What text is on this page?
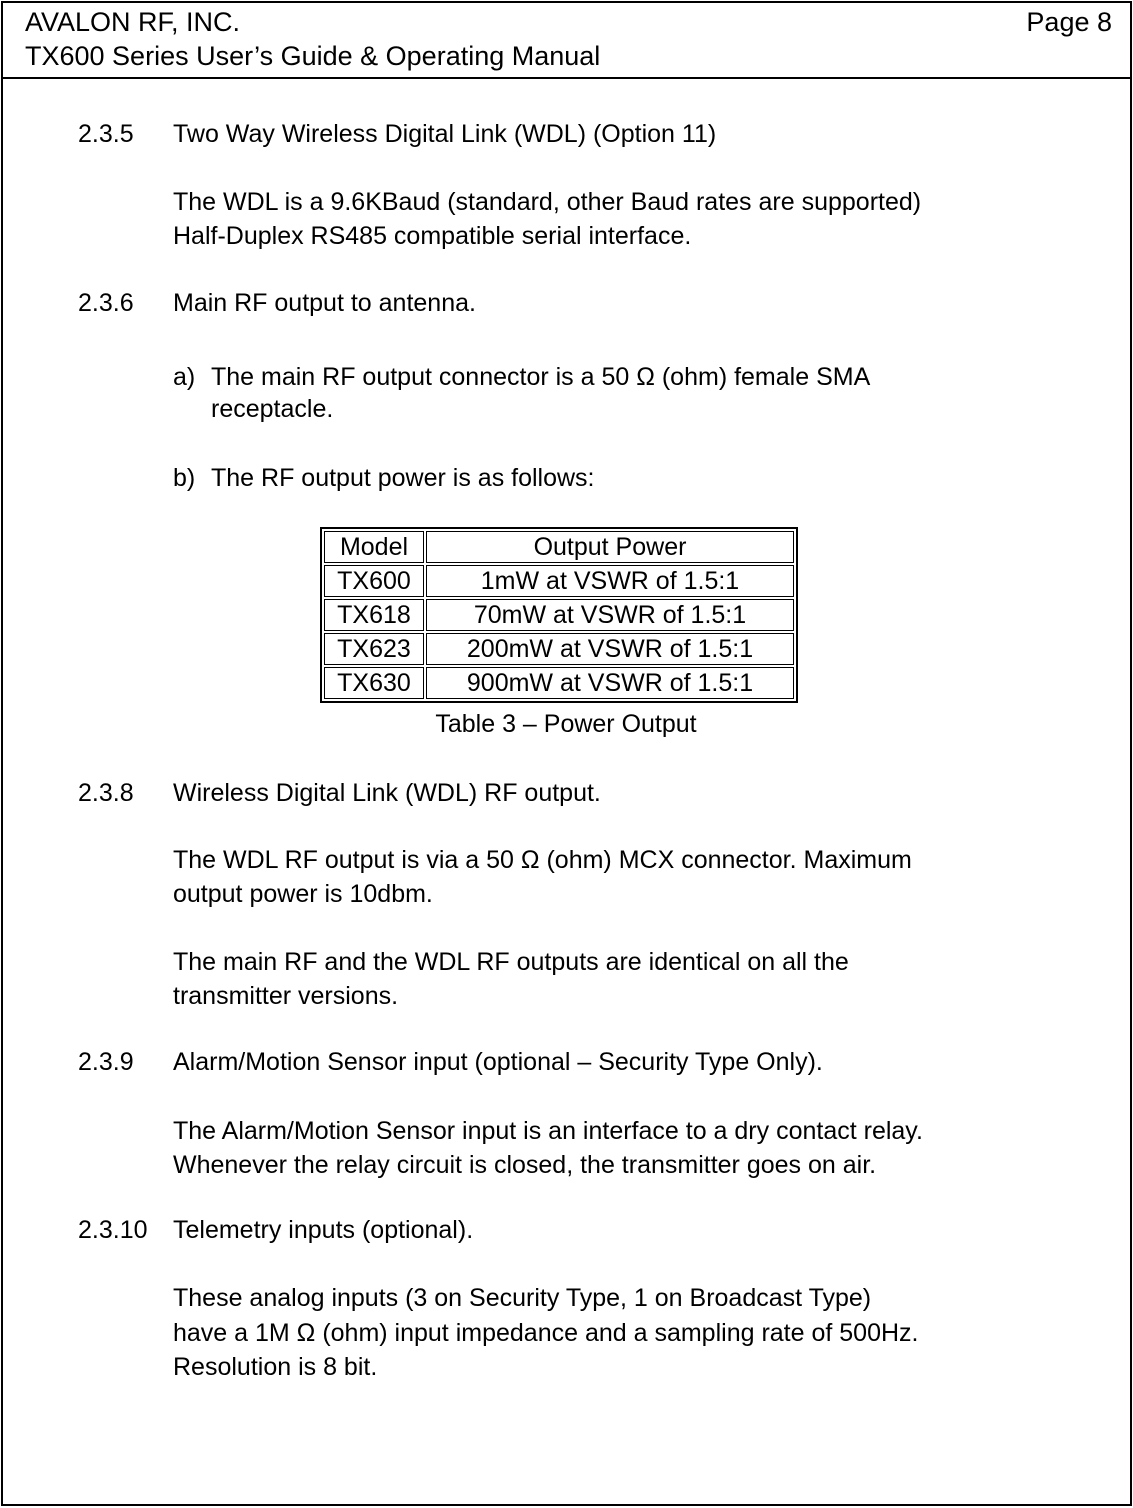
AVALON RF, INC.	Page 8
TX600 Series User’s Guide & Operating Manual
2.3.5 Two Way Wireless Digital Link (WDL) (Option 11)
The WDL is a 9.6KBaud (standard, other Baud rates are supported)
Half-Duplex RS485 compatible serial interface.
2.3.6 Main RF output to antenna.
a) The main RF output connector is a 50 Ω (ohm) female SMA
receptacle.
b) The RF output power is as follows:
Model	Output Power
TX600	1mW at VSWR of 1.5:1
TX618	70mW at VSWR of 1.5:1
TX623	200mW at VSWR of 1.5:1
TX630	900mW at VSWR of 1.5:1
Table 3 – Power Output
2.3.8 Wireless Digital Link (WDL) RF output.
The WDL RF output is via a 50 Ω (ohm) MCX connector. Maximum
output power is 10dbm.
The main RF and the WDL RF outputs are identical on all the
transmitter versions.
2.3.9 Alarm/Motion Sensor input (optional – Security Type Only).
The Alarm/Motion Sensor input is an interface to a dry contact relay.
Whenever the relay circuit is closed, the transmitter goes on air.
2.3.10 Telemetry inputs (optional).
These analog inputs (3 on Security Type, 1 on Broadcast Type)
have a 1M Ω (ohm) input impedance and a sampling rate of 500Hz.
Resolution is 8 bit.
